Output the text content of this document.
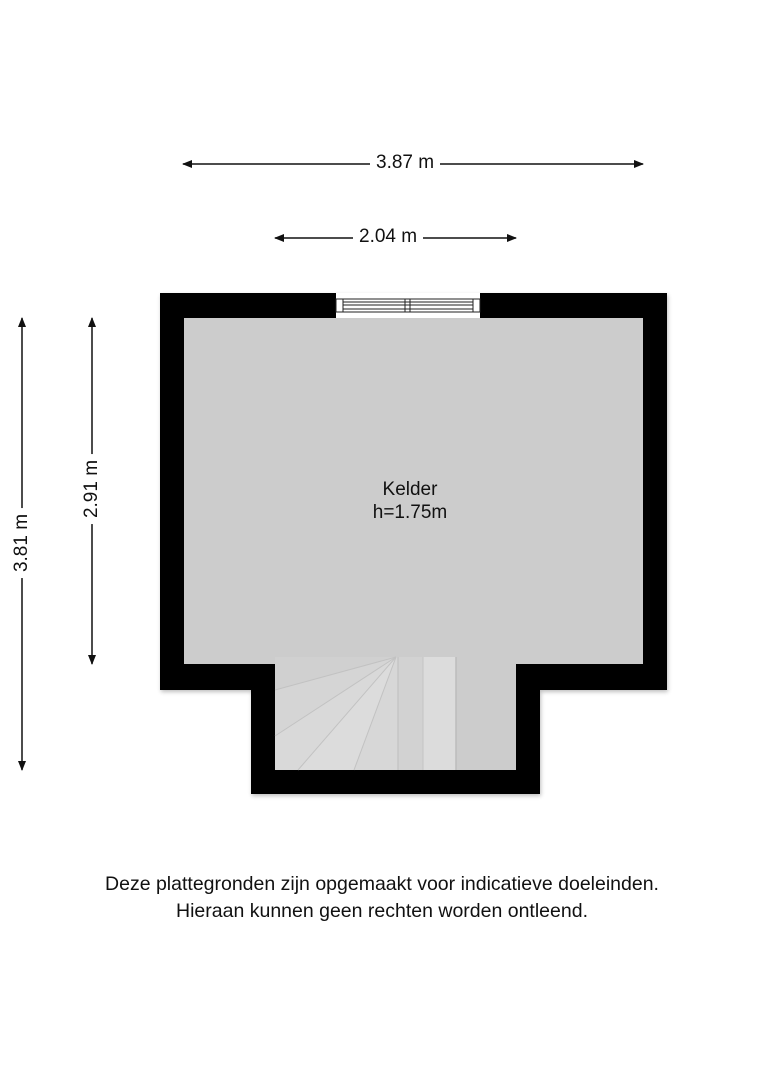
3.87 m
2.04 m
3.81 m
2.91 m	Kelder
h=1.75m
Deze plattegronden zijn opgemaakt voor indicatieve doeleinden.
Hieraan kunnen geen rechten worden ontleend.
